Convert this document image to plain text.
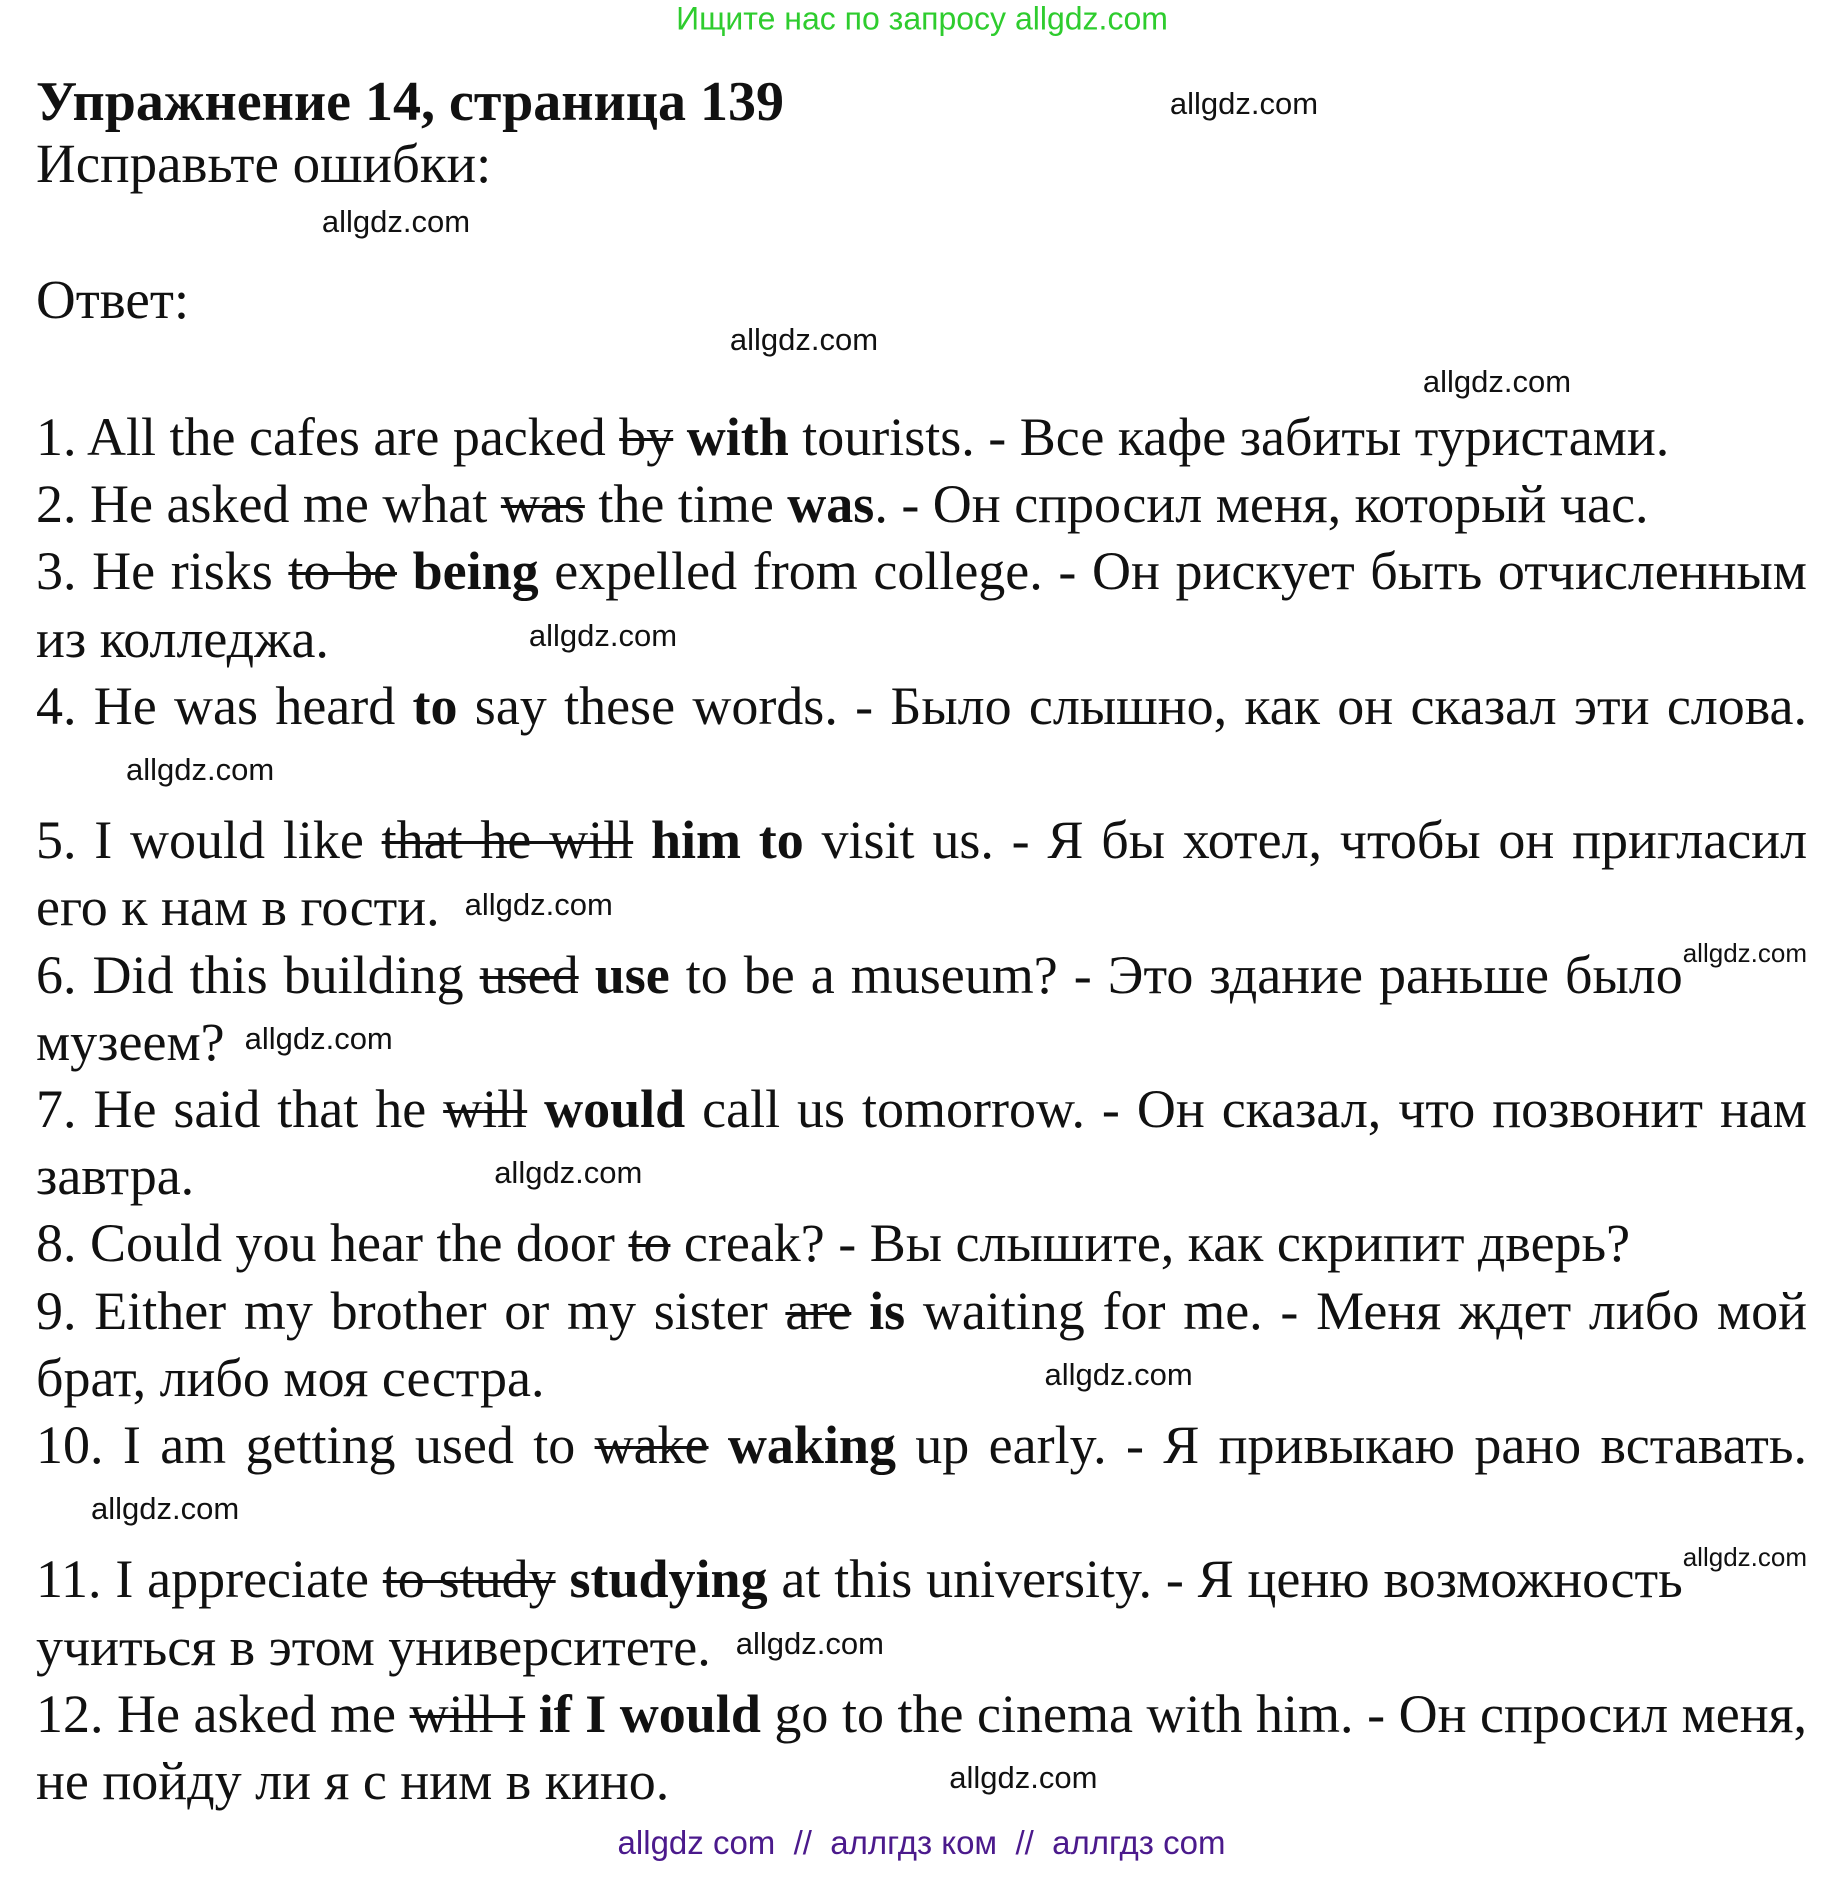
Ищите нас по запросу allgdz.com
Упражнение 14, страница 139
Исправьте ошибки:
Ответ:
allgdz.com
allgdz.com
allgdz.com
allgdz.com
1. All the cafes are packed by with tourists. - Все кафе забиты туристами.
2. He asked me what was the time was. - Он спросил меня, который час.
3. He risks to be being expelled from college. - Он рискует быть отчисленным из колледжа.	allgdz.com
4. He was heard to say these words. - Было слышно, как он сказал эти слова.allgdz.com
5. I would like that he will him to visit us. - Я бы хотел, чтобы он пригласил его к нам в гости. allgdz.com
allgdz.com
6. Did this building used use to be a museum? - Это здание раньше было музеем? allgdz.com
7. He said that he will would call us tomorrow. - Он сказал, что позвонит нам завтра.	allgdz.com
8. Could you hear the door to creak? - Вы слышите, как скрипит дверь?
9. Either my brother or my sister are is waiting for me. - Меня ждет либо мой брат, либо моя сестра.	allgdz.com
10. I am getting used to wake waking up early. - Я привыкаю рано вставать.allgdz.com
allgdz.com
11. I appreciate to study studying at this university. - Я ценю возможность учиться в этом университете. allgdz.com
12. He asked me will I if I would go to the cinema with him. - Он спросил меня, не пойду ли я с ним в кино.	allgdz.com
allgdz com  //  аллгдз ком  //  аллгдз com
